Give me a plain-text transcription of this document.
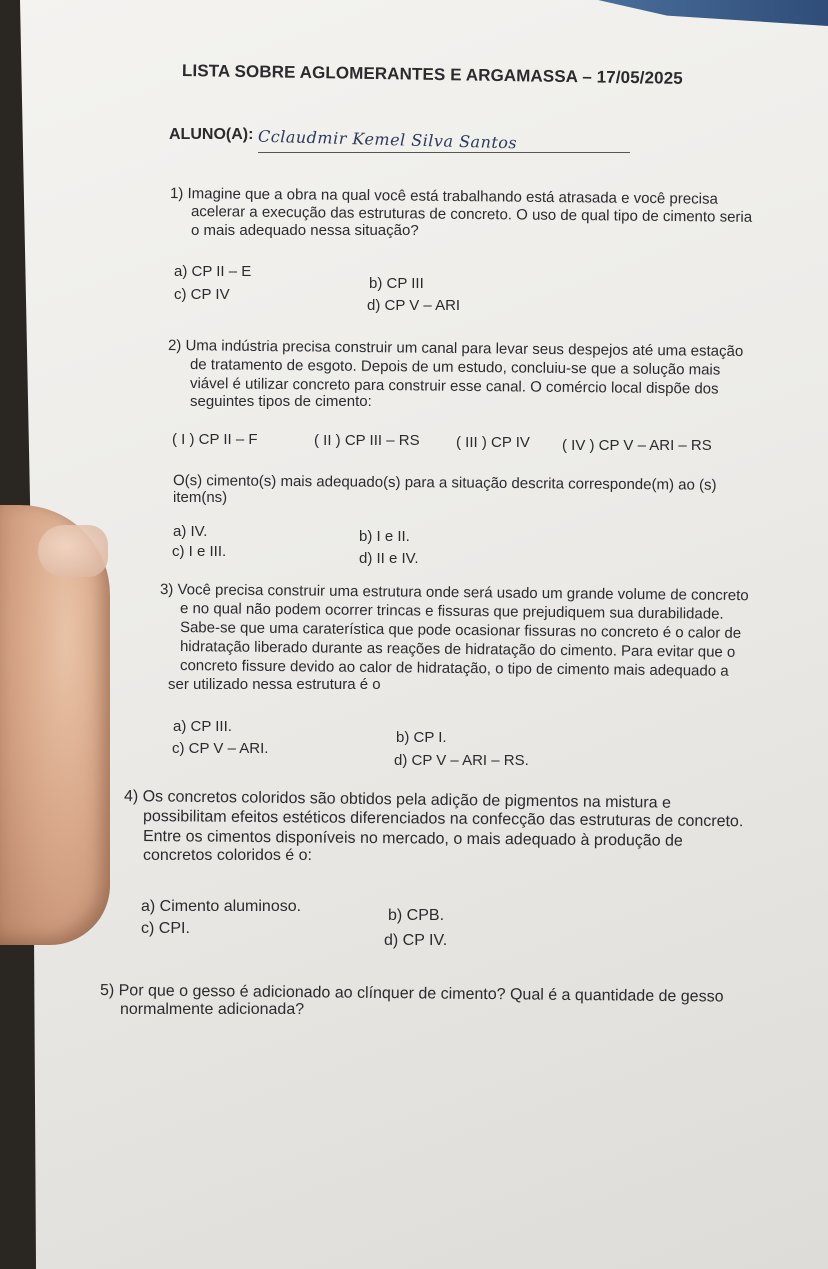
LISTA SOBRE AGLOMERANTES E ARGAMASSA – 17/05/2025
ALUNO(A): Cclaudmir Kemel Silva Santos
1) Imagine que a obra na qual você está trabalhando está atrasada e você precisa
acelerar a execução das estruturas de concreto. O uso de qual tipo de cimento seria
o mais adequado nessa situação?
a) CP II – E
b) CP III
c) CP IV
d) CP V – ARI
2) Uma indústria precisa construir um canal para levar seus despejos até uma estação
de tratamento de esgoto. Depois de um estudo, concluiu-se que a solução mais
viável é utilizar concreto para construir esse canal. O comércio local dispõe dos
seguintes tipos de cimento:
( I ) CP II – F	( II ) CP III – RS ( III ) CP IV ( IV ) CP V – ARI – RS
O(s) cimento(s) mais adequado(s) para a situação descrita corresponde(m) ao (s)
item(ns)
a) IV.	b) I e II.
c) I e III.	d) II e IV.
3) Você precisa construir uma estrutura onde será usado um grande volume de concreto
e no qual não podem ocorrer trincas e fissuras que prejudiquem sua durabilidade.
Sabe-se que uma caraterística que pode ocasionar fissuras no concreto é o calor de
hidratação liberado durante as reações de hidratação do cimento. Para evitar que o
concreto fissure devido ao calor de hidratação, o tipo de cimento mais adequado a
ser utilizado nessa estrutura é o
a) CP III.
b) CP I.
c) CP V – ARI.
d) CP V – ARI – RS.
4) Os concretos coloridos são obtidos pela adição de pigmentos na mistura e
possibilitam efeitos estéticos diferenciados na confecção das estruturas de concreto.
Entre os cimentos disponíveis no mercado, o mais adequado à produção de
concretos coloridos é o:
a) Cimento aluminoso.
b) CPB.
c) CPI.
d) CP IV.
5) Por que o gesso é adicionado ao clínquer de cimento? Qual é a quantidade de gesso
normalmente adicionada?
